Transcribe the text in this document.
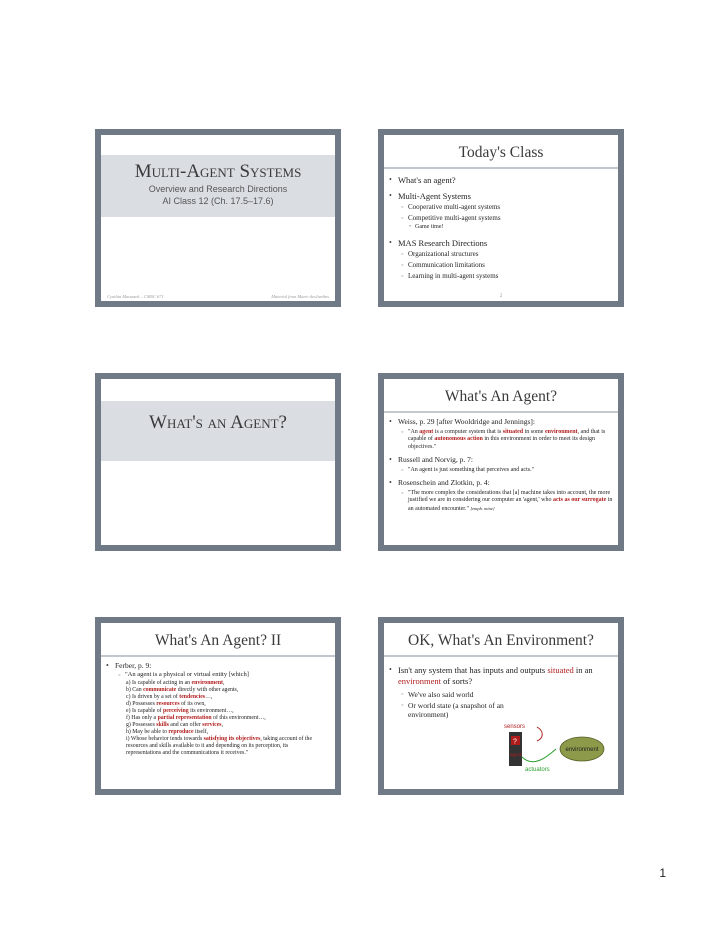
Multi-Agent Systems
Overview and Research Directions
AI Class 12 (Ch. 17.5–17.6)
Cynthia Matuszek – CMSC 671	Material from Marie desJardins
Today's Class
• What's an agent?
• Multi-Agent Systems
◦ Cooperative multi-agent systems
◦ Competitive multi-agent systems
• Game time!
• MAS Research Directions
◦ Organizational structures
◦ Communication limitations
◦ Learning in multi-agent systems
2
What's an Agent?
What's An Agent?
• Weiss, p. 29 [after Wooldridge and Jennings]:
◦ "An agent is a computer system that is situated in some environment, and that is capable of autonomous action in this environment in order to meet its design objectives."
• Russell and Norvig, p. 7:
◦ "An agent is just something that perceives and acts."
• Rosenschein and Zlotkin, p. 4:
◦ "The more complex the considerations that [a] machine takes into account, the more justified we are in considering our computer an 'agent,' who acts as our surrogate in an automated encounter." [emph. mine]
What's An Agent? II
• Ferber, p. 9:
◦ "An agent is a physical or virtual entity [which]
a) Is capable of acting in an environment,
b) Can communicate directly with other agents,
c) Is driven by a set of tendencies…,
d) Possesses resources of its own,
e) Is capable of perceiving its environment…,
f) Has only a partial representation of this environment…,
g) Possesses skills and can offer services,
h) May be able to reproduce itself,
i) Whose behavior tends towards satisfying its objectives, taking account of the resources and skills available to it and depending on its perception, its representations and the communications it receives."
OK, What's An Environment?
• Isn't any system that has inputs and outputs situated in an environment of sorts?
◦ We've also said world
◦ Or world state (a snapshot of an environment)
sensors
?
agent
actuators
environment
1
